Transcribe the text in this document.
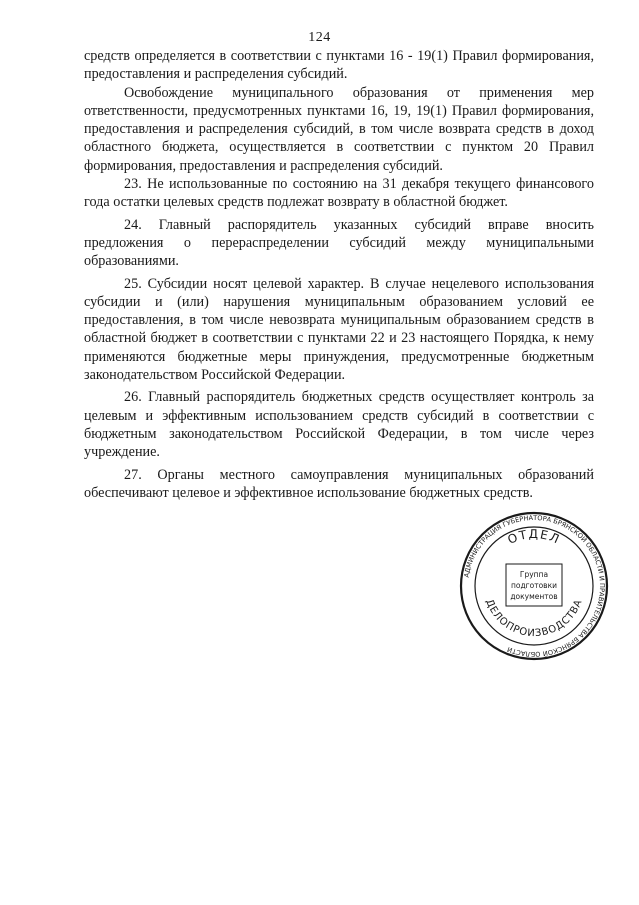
124

средств определяется в соответствии с пунктами 16 - 19(1) Правил формирования, предоставления и распределения субсидий.

Освобождение муниципального образования от применения мер ответственности, предусмотренных пунктами 16, 19, 19(1) Правил формирования, предоставления и распределения субсидий, в том числе возврата средств в доход областного бюджета, осуществляется в соответствии с пунктом 20 Правил формирования, предоставления и распределения субсидий.

23. Не использованные по состоянию на 31 декабря текущего финансового года остатки целевых средств подлежат возврату в областной бюджет.

24. Главный распорядитель указанных субсидий вправе вносить предложения о перераспределении субсидий между муниципальными образованиями.

25. Субсидии носят целевой характер. В случае нецелевого использования субсидии и (или) нарушения муниципальным образованием условий ее предоставления, в том числе невозврата муниципальным образованием средств в областной бюджет в соответствии с пунктами 22 и 23 настоящего Порядка, к нему применяются бюджетные меры принуждения, предусмотренные бюджетным законодательством Российской Федерации.

26. Главный распорядитель бюджетных средств осуществляет контроль за целевым и эффективным использованием средств субсидий в соответствии с бюджетным законодательством Российской Федерации, в том числе через учреждение.

27. Органы местного самоуправления муниципальных образований обеспечивают целевое и эффективное использование бюджетных средств.

АДМИНИСТРАЦИЯ ГУБЕРНАТОРА БРЯНСКОЙ ОБЛАСТИ И ПРАВИТЕЛЬСТВА БРЯНСКОЙ ОБЛАСТИ
ОТДЕЛ
ДЕЛОПРОИЗВОДСТВА
Группа
подготовки
документов
